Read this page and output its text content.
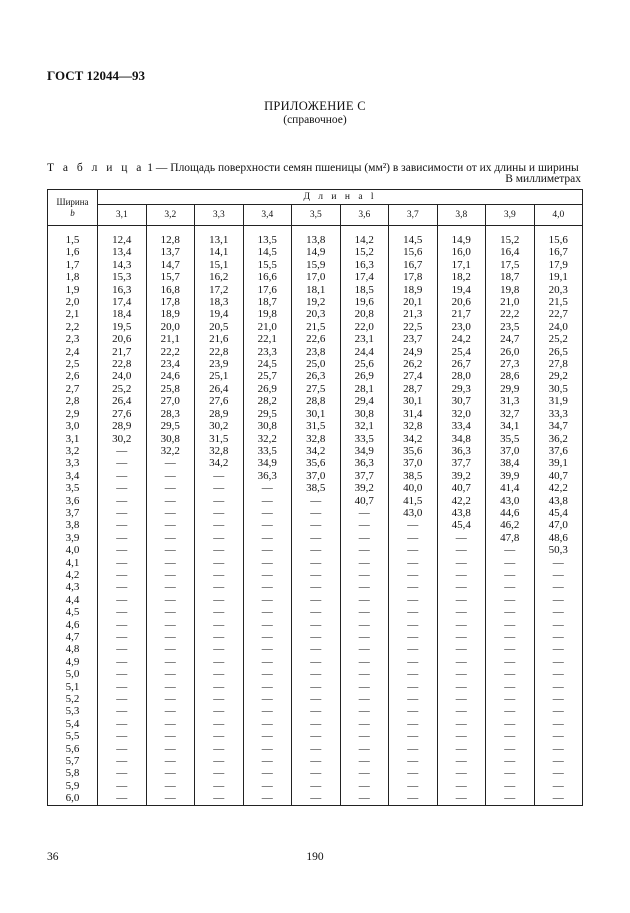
ГОСТ 12044—93
ПРИЛОЖЕНИЕ С
(справочное)
Т а б л и ц а 1 — Площадь поверхности семян пшеницы (мм²) в зависимости от их длины и ширины
В миллиметрах
Ширина
b	Д л и н а l									
	3,1	3,2	3,3	3,4	3,5	3,6	3,7	3,8	3,9	4,0
1,5	12,4	12,8	13,1	13,5	13,8	14,2	14,5	14,9	15,2	15,6
1,6	13,4	13,7	14,1	14,5	14,9	15,2	15,6	16,0	16,4	16,7
1,7	14,3	14,7	15,1	15,5	15,9	16,3	16,7	17,1	17,5	17,9
1,8	15,3	15,7	16,2	16,6	17,0	17,4	17,8	18,2	18,7	19,1
1,9	16,3	16,8	17,2	17,6	18,1	18,5	18,9	19,4	19,8	20,3
2,0	17,4	17,8	18,3	18,7	19,2	19,6	20,1	20,6	21,0	21,5
2,1	18,4	18,9	19,4	19,8	20,3	20,8	21,3	21,7	22,2	22,7
2,2	19,5	20,0	20,5	21,0	21,5	22,0	22,5	23,0	23,5	24,0
2,3	20,6	21,1	21,6	22,1	22,6	23,1	23,7	24,2	24,7	25,2
2,4	21,7	22,2	22,8	23,3	23,8	24,4	24,9	25,4	26,0	26,5
2,5	22,8	23,4	23,9	24,5	25,0	25,6	26,2	26,7	27,3	27,8
2,6	24,0	24,6	25,1	25,7	26,3	26,9	27,4	28,0	28,6	29,2
2,7	25,2	25,8	26,4	26,9	27,5	28,1	28,7	29,3	29,9	30,5
2,8	26,4	27,0	27,6	28,2	28,8	29,4	30,1	30,7	31,3	31,9
2,9	27,6	28,3	28,9	29,5	30,1	30,8	31,4	32,0	32,7	33,3
3,0	28,9	29,5	30,2	30,8	31,5	32,1	32,8	33,4	34,1	34,7
3,1	30,2	30,8	31,5	32,2	32,8	33,5	34,2	34,8	35,5	36,2
3,2	—	32,2	32,8	33,5	34,2	34,9	35,6	36,3	37,0	37,6
3,3	—	—	34,2	34,9	35,6	36,3	37,0	37,7	38,4	39,1
3,4	—	—	—	36,3	37,0	37,7	38,5	39,2	39,9	40,7
3,5	—	—	—	—	38,5	39,2	40,0	40,7	41,4	42,2
3,6	—	—	—	—	—	40,7	41,5	42,2	43,0	43,8
3,7	—	—	—	—	—	—	43,0	43,8	44,6	45,4
3,8	—	—	—	—	—	—	—	45,4	46,2	47,0
3,9	—	—	—	—	—	—	—	—	47,8	48,6
4,0	—	—	—	—	—	—	—	—	—	50,3
4,1	—	—	—	—	—	—	—	—	—	—
4,2	—	—	—	—	—	—	—	—	—	—
4,3	—	—	—	—	—	—	—	—	—	—
4,4	—	—	—	—	—	—	—	—	—	—
4,5	—	—	—	—	—	—	—	—	—	—
4,6	—	—	—	—	—	—	—	—	—	—
4,7	—	—	—	—	—	—	—	—	—	—
4,8	—	—	—	—	—	—	—	—	—	—
4,9	—	—	—	—	—	—	—	—	—	—
5,0	—	—	—	—	—	—	—	—	—	—
5,1	—	—	—	—	—	—	—	—	—	—
5,2	—	—	—	—	—	—	—	—	—	—
5,3	—	—	—	—	—	—	—	—	—	—
5,4	—	—	—	—	—	—	—	—	—	—
5,5	—	—	—	—	—	—	—	—	—	—
5,6	—	—	—	—	—	—	—	—	—	—
5,7	—	—	—	—	—	—	—	—	—	—
5,8	—	—	—	—	—	—	—	—	—	—
5,9	—	—	—	—	—	—	—	—	—	—
6,0	—	—	—	—	—	—	—	—	—	—
36	190
